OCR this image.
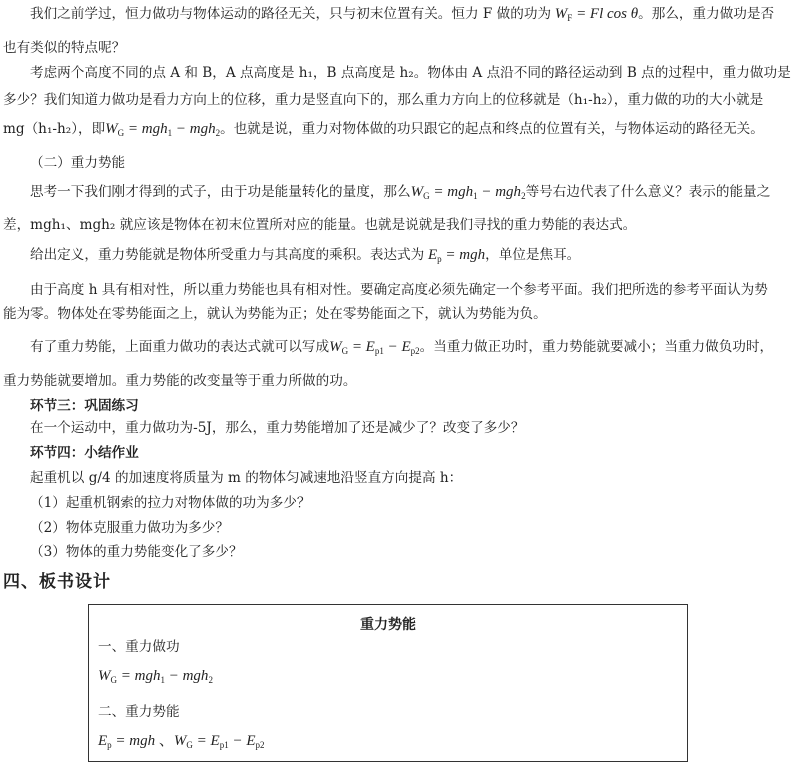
我们之前学过，恒力做功与物体运动的路径无关，只与初末位置有关。恒力 F 做的功为 $W_F = Fl$ cos θ。那么，重力做功是否
也有类似的特点呢？
考虑两个高度不同的点 A 和 B，A 点高度是 h₁，B 点高度是 h₂。物体由 A 点沿不同的路径运动到 B 点的过程中，重力做功是
多少？我们知道力做功是看力方向上的位移，重力是竖直向下的，那么重力方向上的位移就是（h₁-h₂），重力做的功的大小就是
mg（h₁-h₂），即$W_G = mgh_1 - mgh_2$。也就是说，重力对物体做的功只跟它的起点和终点的位置有关，与物体运动的路径无关。
（二）重力势能
思考一下我们刚才得到的式子，由于功是能量转化的量度，那么$W_G = mgh_1 - mgh_2$等号右边代表了什么意义？表示的能量之
差，mgh₁、mgh₂ 就应该是物体在初末位置所对应的能量。也就是说就是我们寻找的重力势能的表达式。
给出定义，重力势能就是物体所受重力与其高度的乘积。表达式为 $E_p$ = mgh，单位是焦耳。
由于高度 h 具有相对性，所以重力势能也具有相对性。要确定高度必须先确定一个参考平面。我们把所选的参考平面认为势
能为零。物体处在零势能面之上，就认为势能为正；处在零势能面之下，就认为势能为负。
有了重力势能，上面重力做功的表达式就可以写成$W_G = E_{p1} - E_{p2}$。当重力做正功时，重力势能就要减小；当重力做负功时，
重力势能就要增加。重力势能的改变量等于重力所做的功。
环节三：巩固练习
在一个运动中，重力做功为-5J，那么，重力势能增加了还是减少了？改变了多少？
环节四：小结作业
起重机以 g/4 的加速度将质量为 m 的物体匀减速地沿竖直方向提高 h：
（1）起重机钢索的拉力对物体做的功为多少？
（2）物体克服重力做功为多少？
（3）物体的重力势能变化了多少？
四、板书设计
重力势能
一、重力做功
$W_G = mgh_1 - mgh_2$
二、重力势能
$E_p$ = mgh 、$W_G = E_{p1} - E_{p2}$
